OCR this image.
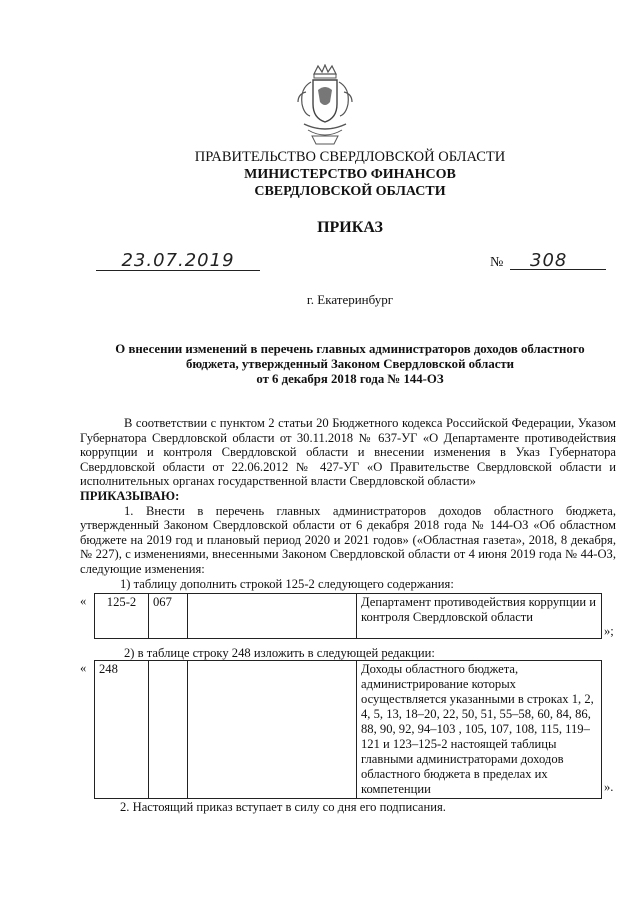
ПРАВИТЕЛЬСТВО СВЕРДЛОВСКОЙ ОБЛАСТИ
МИНИСТЕРСТВО ФИНАНСОВ
СВЕРДЛОВСКОЙ ОБЛАСТИ
ПРИКАЗ
23.07.2019	№	308
г. Екатеринбург
О внесении изменений в перечень главных администраторов доходов областного
бюджета, утвержденный Законом Свердловской области
от 6 декабря 2018 года № 144-ОЗ

В соответствии с пунктом 2 статьи 20 Бюджетного кодекса Российской Федерации, Указом Губернатора Свердловской области от 30.11.2018 № 637-УГ «О Департаменте противодействия коррупции и контроля Свердловской области и внесении изменения в Указ Губернатора Свердловской области от 22.06.2012 № 427-УГ «О Правительстве Свердловской области и исполнительных органах государственной власти Свердловской области»

ПРИКАЗЫВАЮ:

1. Внести в перечень главных администраторов доходов областного бюджета, утвержденный Законом Свердловской области от 6 декабря 2018 года № 144-ОЗ «Об областном бюджете на 2019 год и плановый период 2020 и 2021 годов» («Областная газета», 2018, 8 декабря, № 227), с изменениями, внесенными Законом Свердловской области от 4 июня 2019 года № 44-ОЗ, следующие изменения:

1) таблицу дополнить строкой 125-2 следующего содержания:

« 125-2	067		Департамент противодействия коррупции и контроля Свердловской области
»;
2) в таблице строку 248 изложить в следующей редакции:
« 248			Доходы областного бюджета, администрирование которых осуществляется указанными в строках 1, 2, 4, 5, 13, 18–20, 22, 50, 51, 55–58, 60, 84, 86, 88, 90, 92, 94–103 , 105, 107, 108, 115, 119–121 и 123–125-2 настоящей таблицы главными администраторами доходов областного бюджета в пределах их компетенции	».
2. Настоящий приказ вступает в силу со дня его подписания.
